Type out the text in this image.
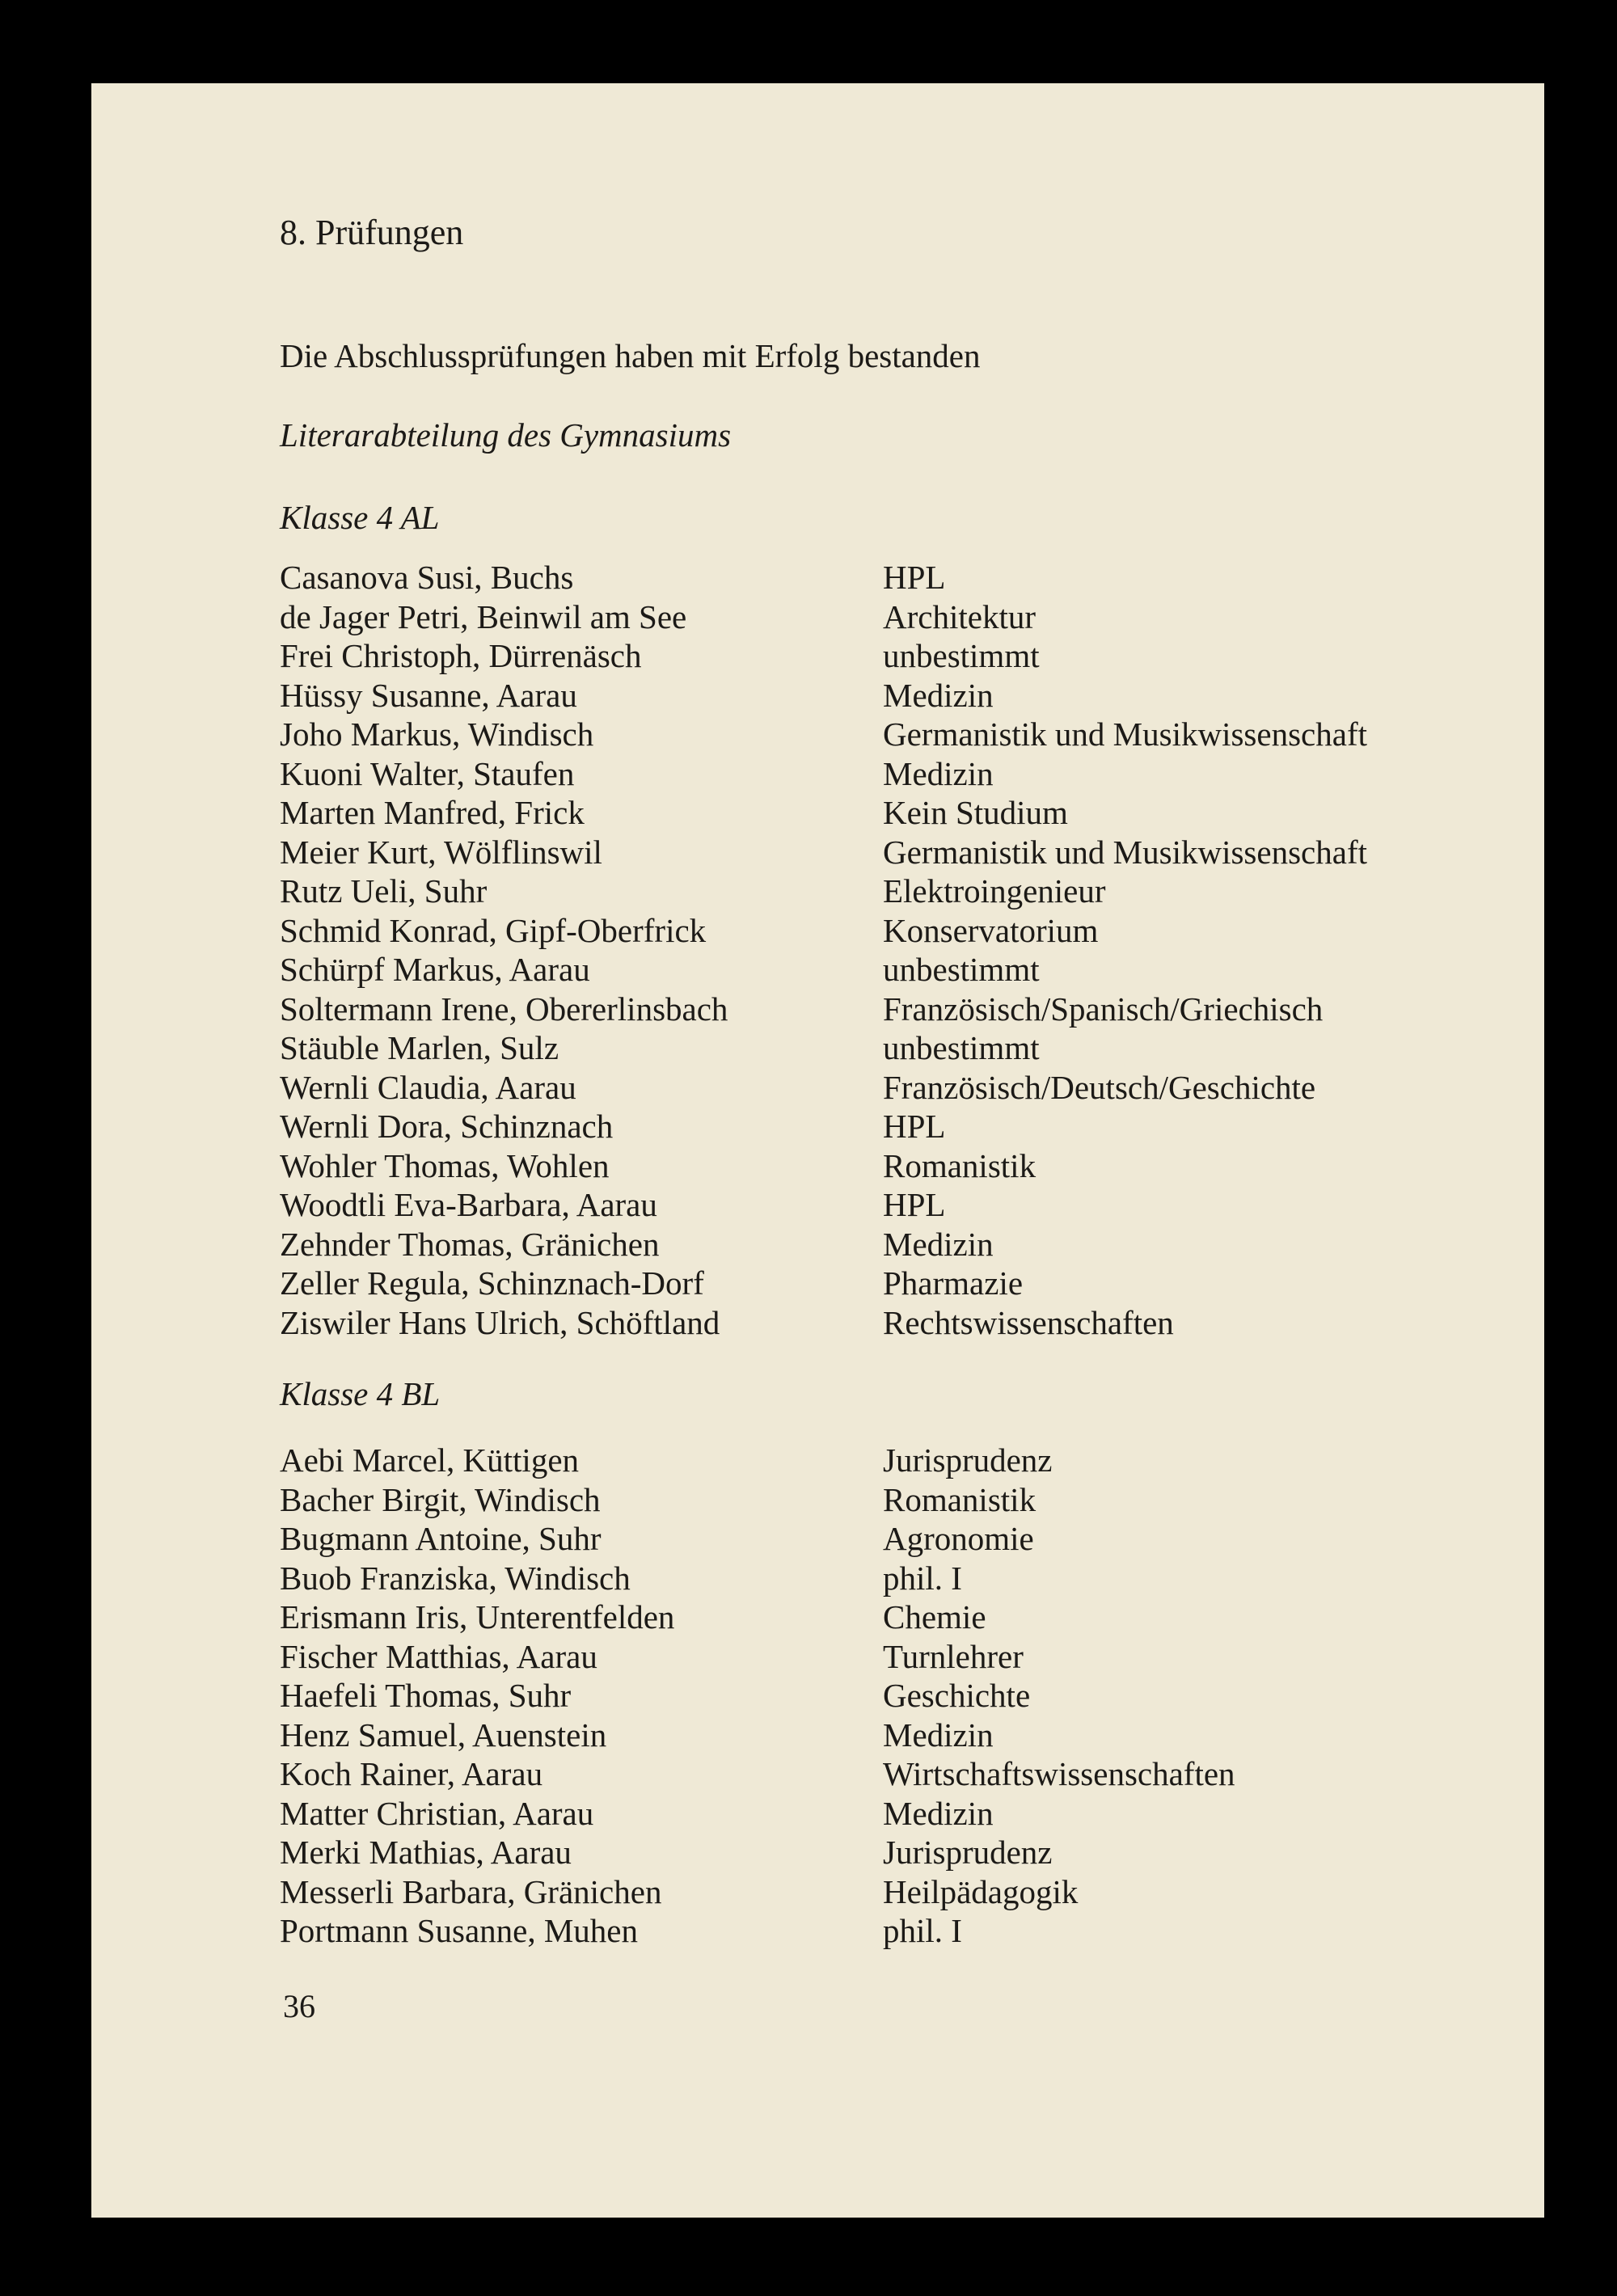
8. Prüfungen
Die Abschlussprüfungen haben mit Erfolg bestanden
Literarabteilung des Gymnasiums
Klasse 4 AL
Casanova Susi, Buchs	HPL
de Jager Petri, Beinwil am See	Architektur
Frei Christoph, Dürrenäsch	unbestimmt
Hüssy Susanne, Aarau	Medizin
Joho Markus, Windisch	Germanistik und Musikwissenschaft
Kuoni Walter, Staufen	Medizin
Marten Manfred, Frick	Kein Studium
Meier Kurt, Wölflinswil	Germanistik und Musikwissenschaft
Rutz Ueli, Suhr	Elektroingenieur
Schmid Konrad, Gipf-Oberfrick	Konservatorium
Schürpf Markus, Aarau	unbestimmt
Soltermann Irene, Obererlinsbach	Französisch/Spanisch/Griechisch
Stäuble Marlen, Sulz	unbestimmt
Wernli Claudia, Aarau	Französisch/Deutsch/Geschichte
Wernli Dora, Schinznach	HPL
Wohler Thomas, Wohlen	Romanistik
Woodtli Eva-Barbara, Aarau	HPL
Zehnder Thomas, Gränichen	Medizin
Zeller Regula, Schinznach-Dorf	Pharmazie
Ziswiler Hans Ulrich, Schöftland	Rechtswissenschaften
Klasse 4 BL
Aebi Marcel, Küttigen	Jurisprudenz
Bacher Birgit, Windisch	Romanistik
Bugmann Antoine, Suhr	Agronomie
Buob Franziska, Windisch	phil. I
Erismann Iris, Unterentfelden	Chemie
Fischer Matthias, Aarau	Turnlehrer
Haefeli Thomas, Suhr	Geschichte
Henz Samuel, Auenstein	Medizin
Koch Rainer, Aarau	Wirtschaftswissenschaften
Matter Christian, Aarau	Medizin
Merki Mathias, Aarau	Jurisprudenz
Messerli Barbara, Gränichen	Heilpädagogik
Portmann Susanne, Muhen	phil. I
36
